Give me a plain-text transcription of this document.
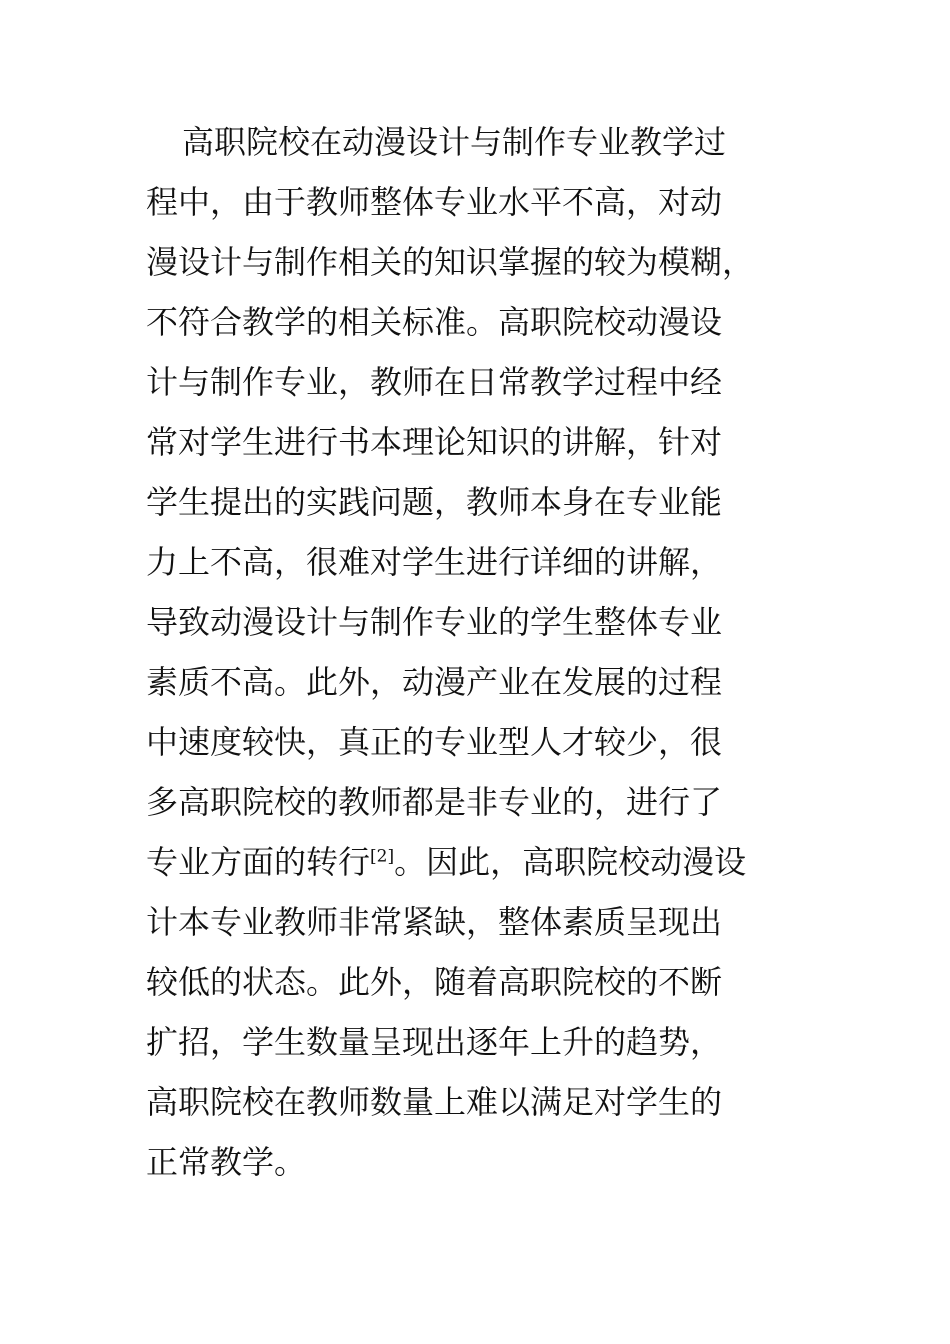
高职院校在动漫设计与制作专业教学过
程中，由于教师整体专业水平不高，对动
漫设计与制作相关的知识掌握的较为模糊，
不符合教学的相关标准。高职院校动漫设
计与制作专业，教师在日常教学过程中经
常对学生进行书本理论知识的讲解，针对
学生提出的实践问题，教师本身在专业能
力上不高，很难对学生进行详细的讲解，
导致动漫设计与制作专业的学生整体专业
素质不高。此外，动漫产业在发展的过程
中速度较快，真正的专业型人才较少，很
多高职院校的教师都是非专业的，进行了
专业方面的转行[2]。因此，高职院校动漫设
计本专业教师非常紧缺，整体素质呈现出
较低的状态。此外，随着高职院校的不断
扩招，学生数量呈现出逐年上升的趋势，
高职院校在教师数量上难以满足对学生的
正常教学。
